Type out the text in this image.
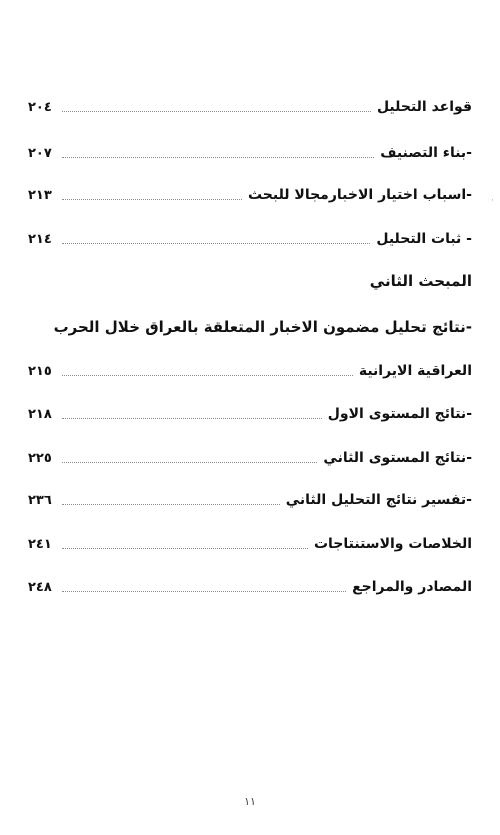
قواعد التحليل
٢٠٤
-بناء التصنيف
٢٠٧
-اسباب اختيار الاخبارمجالا للبحث
٢١٣
- ثبات التحليل
٢١٤
المبحث الثاني
-نتائج تحليل مضمون الاخبار المتعلقة بالعراق خلال الحرب
العراقية الايرانية
٢١٥
-نتائج المستوى الاول
٢١٨
-نتائج المستوى الثاني
٢٢٥
-تفسير نتائج التحليل الثاني
٢٣٦
الخلاصات والاستنتاجات
٢٤١
المصادر والمراجع
٢٤٨
١١
·
